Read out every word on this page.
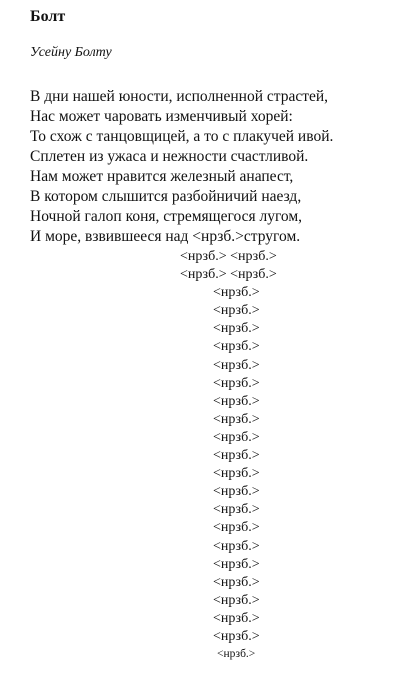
Болт

Усейну Болту

В дни нашей юности, исполненной страстей,
Нас может чаровать изменчивый хорей:
То схож с танцовщицей, а то с плакучей ивой.
Сплетен из ужаса и нежности счастливой.
Нам может нравится железный анапест,
В котором слышится разбойничий наезд,
Ночной галоп коня, стремящегося лугом,
И море, взвившееся над <нрзб.>стругом.
<нрзб.> <нрзб.>
<нрзб.> <нрзб.>
<нрзб.>
<нрзб.>
<нрзб.>
<нрзб.>
<нрзб.>
<нрзб.>
<нрзб.>
<нрзб.>
<нрзб.>
<нрзб.>
<нрзб.>
<нрзб.>
<нрзб.>
<нрзб.>
<нрзб.>
<нрзб.>
<нрзб.>
<нрзб.>
<нрзб.>
<нрзб.>
<нрзб.>
